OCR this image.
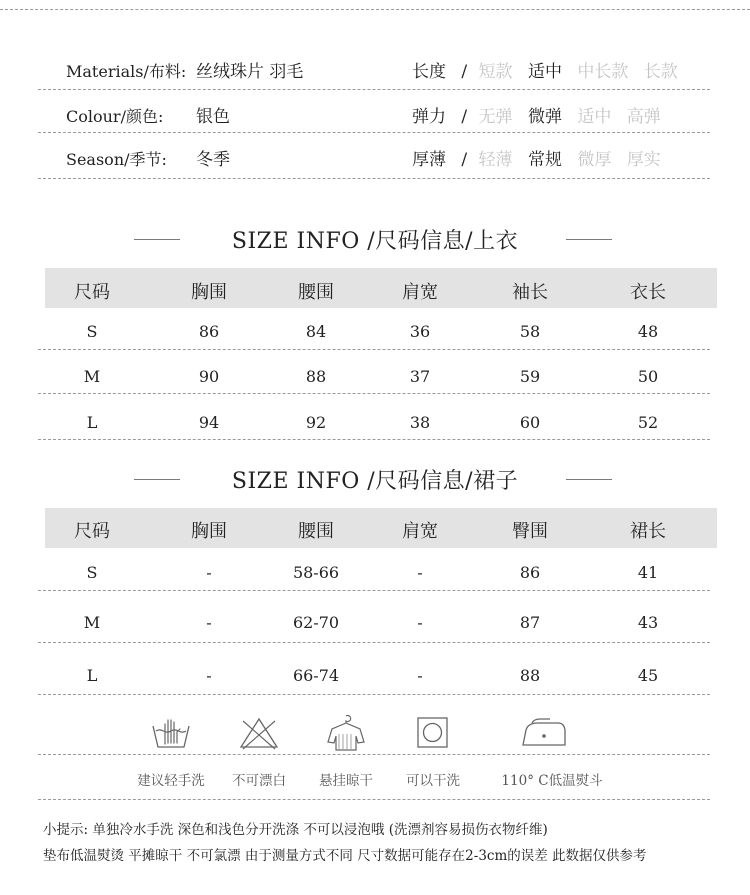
Materials/布料: 丝绒珠片 羽毛	长度 / 短款 适中 中长款 长款
Colour/颜色: 银色	弹力 / 无弹 微弹 适中 高弹
Season/季节: 冬季	厚薄 / 轻薄 常规 微厚 厚实
SIZE INFO /尺码信息/上衣
尺码	胸围	腰围	肩宽	袖长	衣长
S	86	84	36	58	48
M	90	88	37	59	50
L	94	92	38	60	52
SIZE INFO /尺码信息/裙子
尺码	胸围	腰围	肩宽	臀围	裙长
S	-	58-66	-	86	41
M	-	62-70	-	87	43
L	-	66-74	-	88	45
建议轻手洗 不可漂白 悬挂晾干 可以干洗	110° C低温熨斗
小提示: 单独冷水手洗 深色和浅色分开洗涤 不可以浸泡哦 (洗漂剂容易损伤衣物纤维)
垫布低温熨烫 平摊晾干 不可氯漂 由于测量方式不同 尺寸数据可能存在2-3cm的误差 此数据仅供参考
